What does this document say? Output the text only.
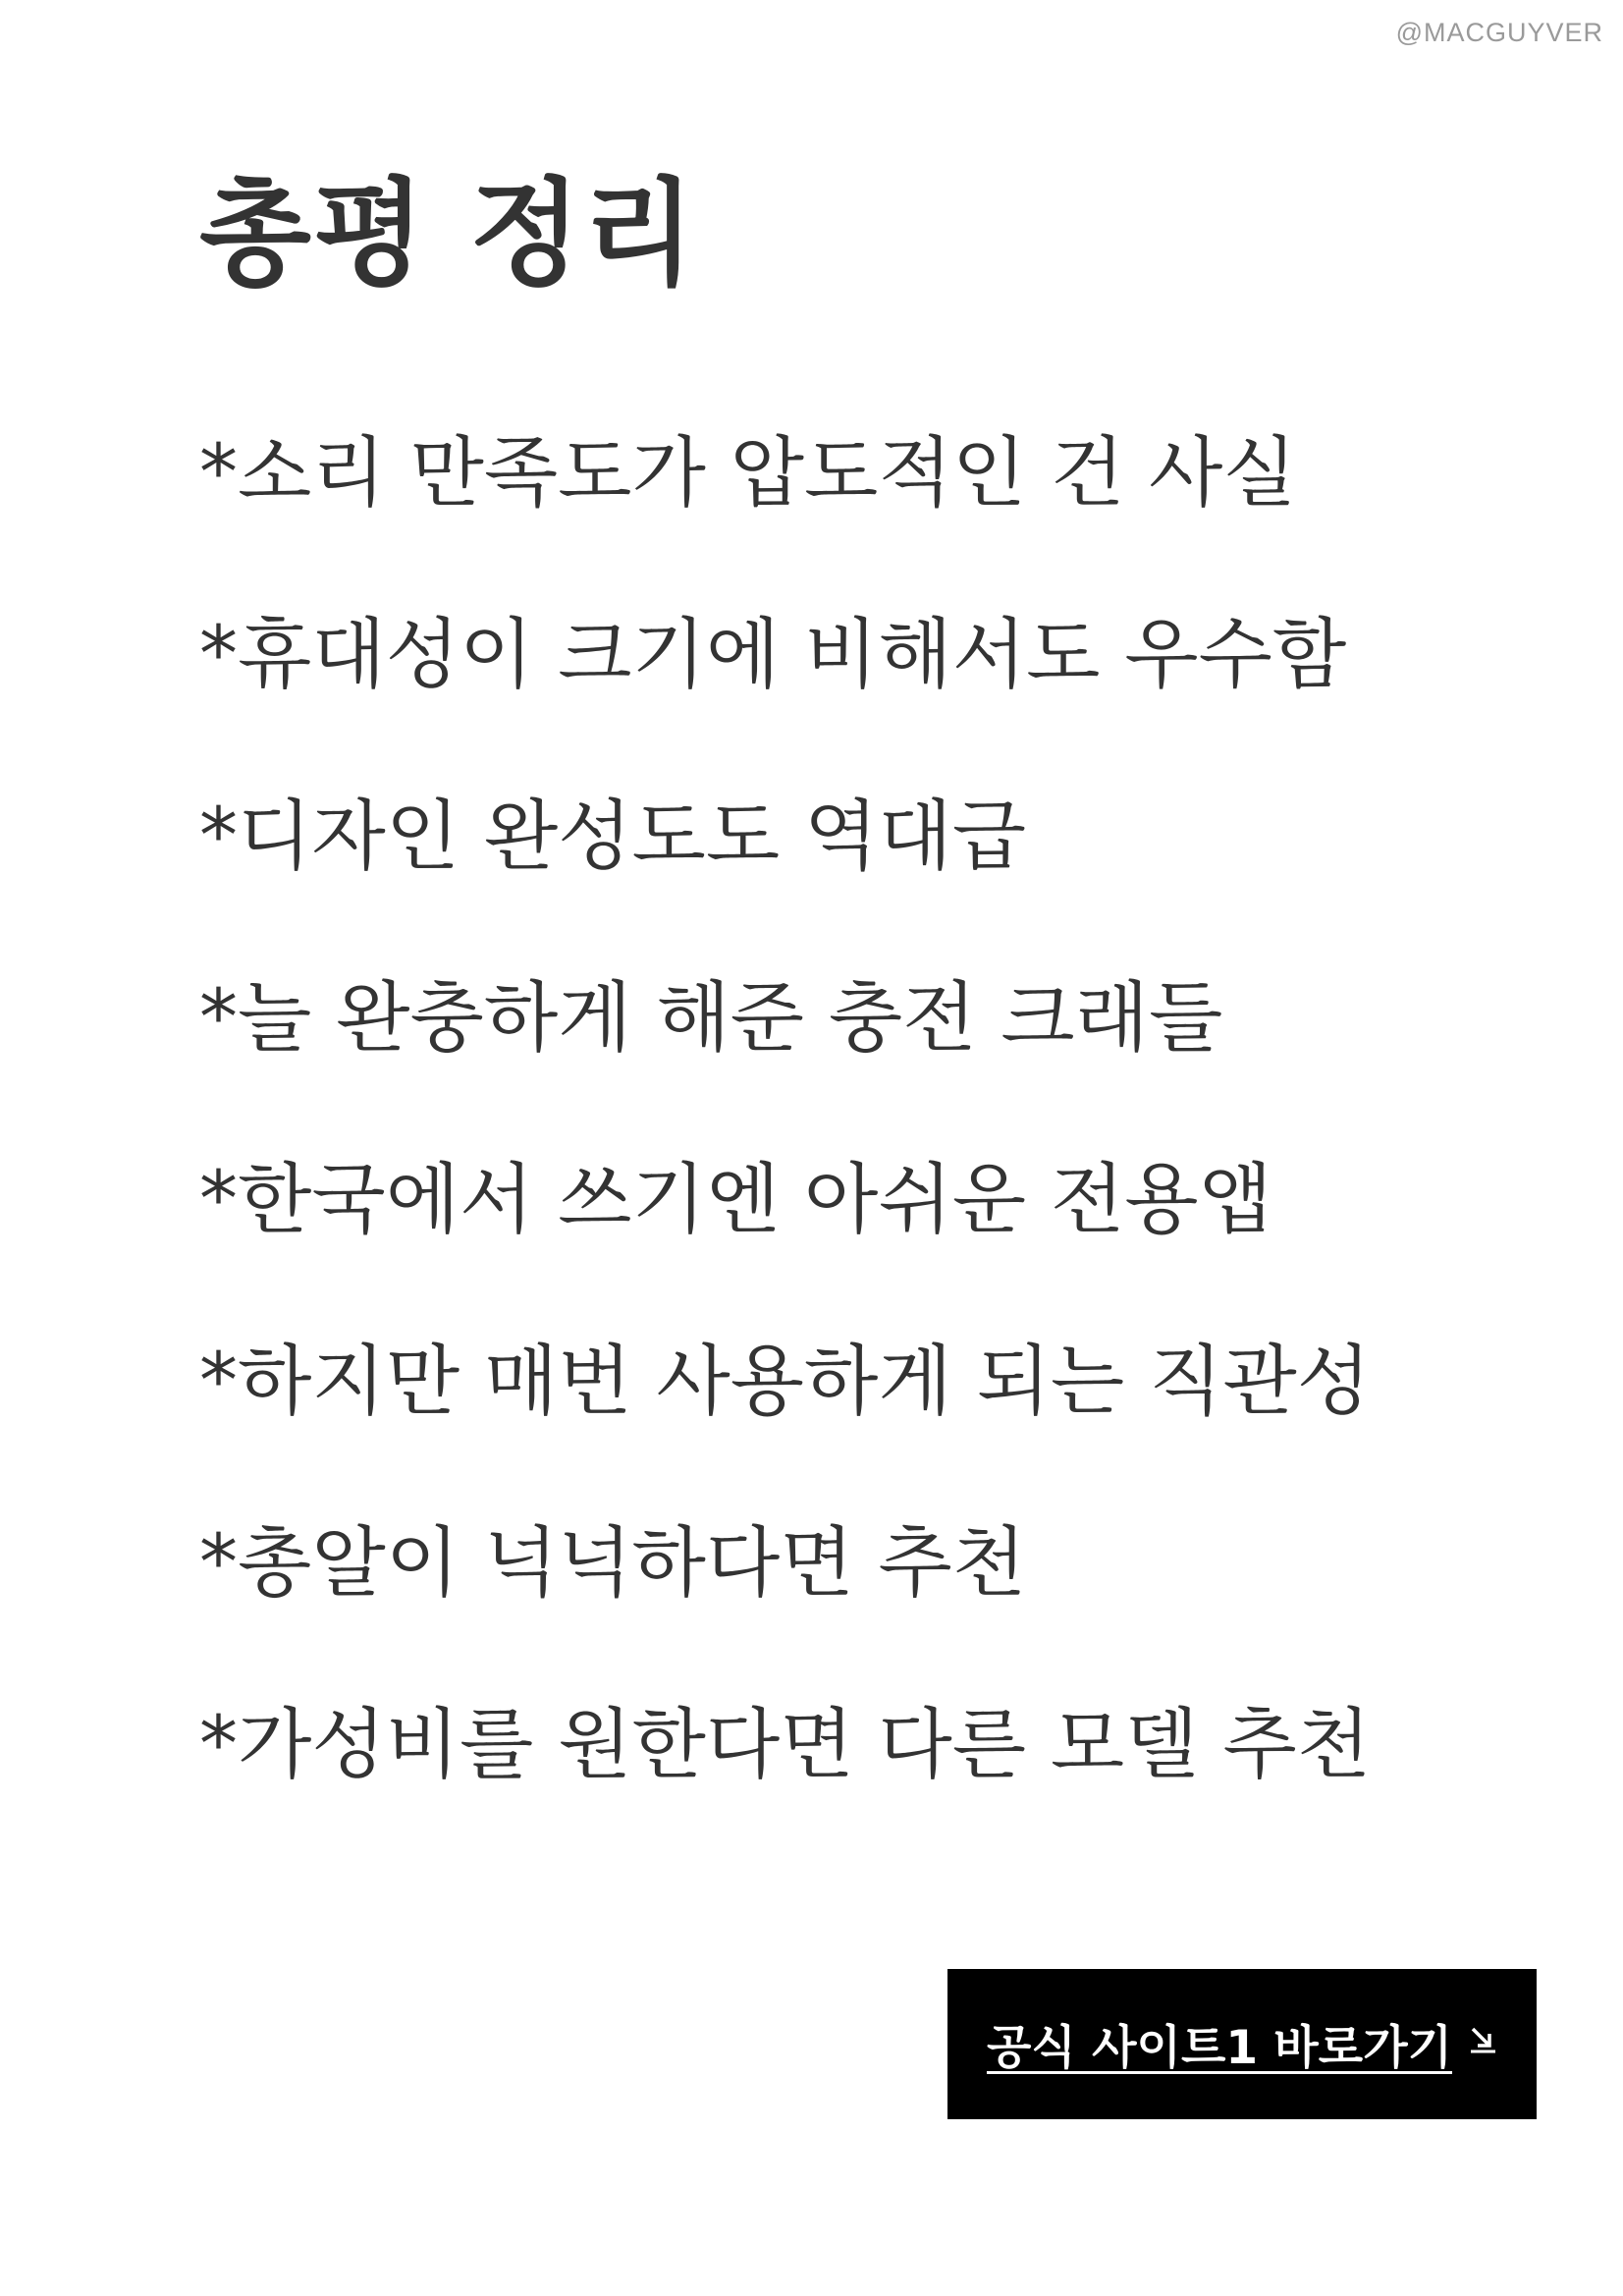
@MACGUYVER
총평 정리
*소리 만족도가 압도적인 건 사실
*휴대성이 크기에 비해서도 우수함
*디자인 완성도도 역대급
*늘 완충하게 해준 충전 크래들
*한국에서 쓰기엔 아쉬운 전용앱
*하지만 매번 사용하게 되는 직관성
*총알이 넉넉하다면 추천
*가성비를 원한다면 다른 모델 추천
공식 사이트1 바로가기
